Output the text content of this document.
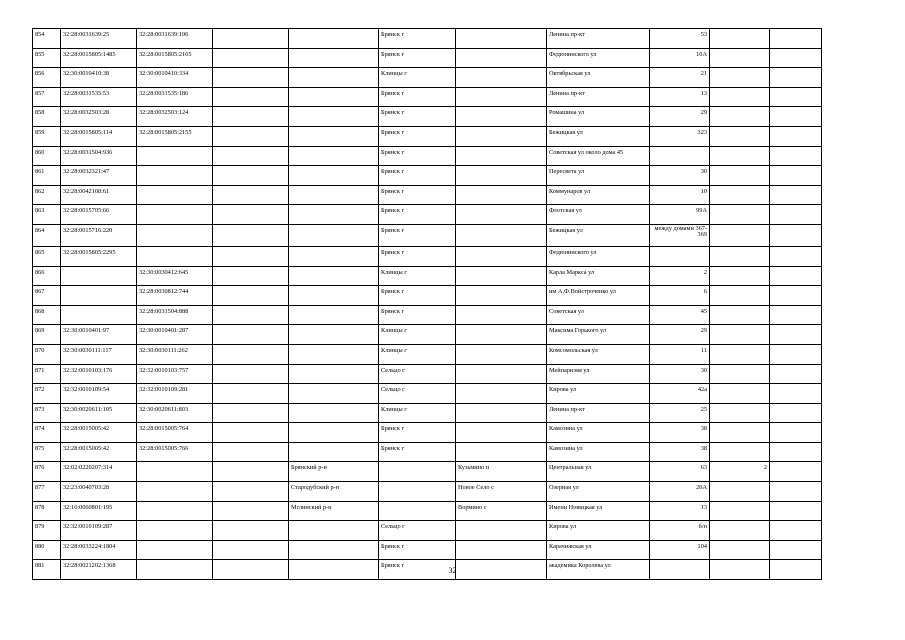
854	32:28:0031639:25	32:28:0031639:106			Брянск г		Ленина пр-кт	53		
855	32:28:0015805:1485	32:28:0015805:2165			Брянск г		Федюнинского ул	10А		
856	32:30:0010410:38	32:30:0010410:334			Клинцы г		Октябрьская ул	21		
857	32:28:0031535:53	32:28:0031535:186			Брянск г		Ленина пр-кт	13		
858	32:28:0032503:28	32:28:0032503:124			Брянск г		Ромашина ул	29		
859	32:28:0015805:114	32:28:0015805:2155			Брянск г		Бежицкая ул	323		
860	32:28:0031504:936				Брянск г		Советская ул около дома 45			
861	32:28:0032321:47				Брянск г		Пересвета ул	30		
862	32:28:0042108:61				Брянск г		Коммунаров ул	10		
863	32:28:0015705:66				Брянск г		Флотская ул	99А		
864	32:28:0015716:220				Брянск г		Бежицкая ул	между домами 367-369		
865	32:28:0015805:2295				Брянск г		Федюнинского ул			
866		32:30:0030412:645			Клинцы г		Карла Маркса ул	2		
867		32:28:0030812:744			Брянск г		им А.Ф.Войстроченко ул	6		
868		32:28:0031504:888			Брянск г		Советская ул	45		
869	32:30:0010401:97	32:30:0010401:287			Клинцы г		Максима Горького ул	29		
870	32:30:0030111:117	32:30:0030111:262			Клинцы г		Комсомольская ул	11		
871	32:32:0010103:176	32:32:0010103:757			Сельцо г		Мейпариэвя ул	30		
872	32:32:0010109:54	32:32:0010109:281			Сельцо г		Кирова ул	42а		
873	32:30:0020611:105	32:30:0020611:803			Клинцы г		Ленина пр-кт	25		
874	32:28:0015005:42	32:28:0015005:764			Брянск г		Камозина ул	38		
875	32:28:0015005:42	32:28:0015005:766			Брянск г		Камозина ул	38		
876	32:02:0220207:314			Брянский р-н		Кузьмино п	Центральная ул	63	2	
877	32:23:0040703:28			Стародубский р-н		Новое Село с	Озерная ул	20А		
878	32:16:0060801:195			Мглинский р-н		Вормино с	Имени Новицкая ул	13		
879	32:32:0010109:287				Сельцо г		Кирова ул	б/н		
880	32:28:0033224:1804				Брянск г		Карачижская ул	104		
881	32:28:0021202:1368				Брянск г		академика Королева ул			
32
